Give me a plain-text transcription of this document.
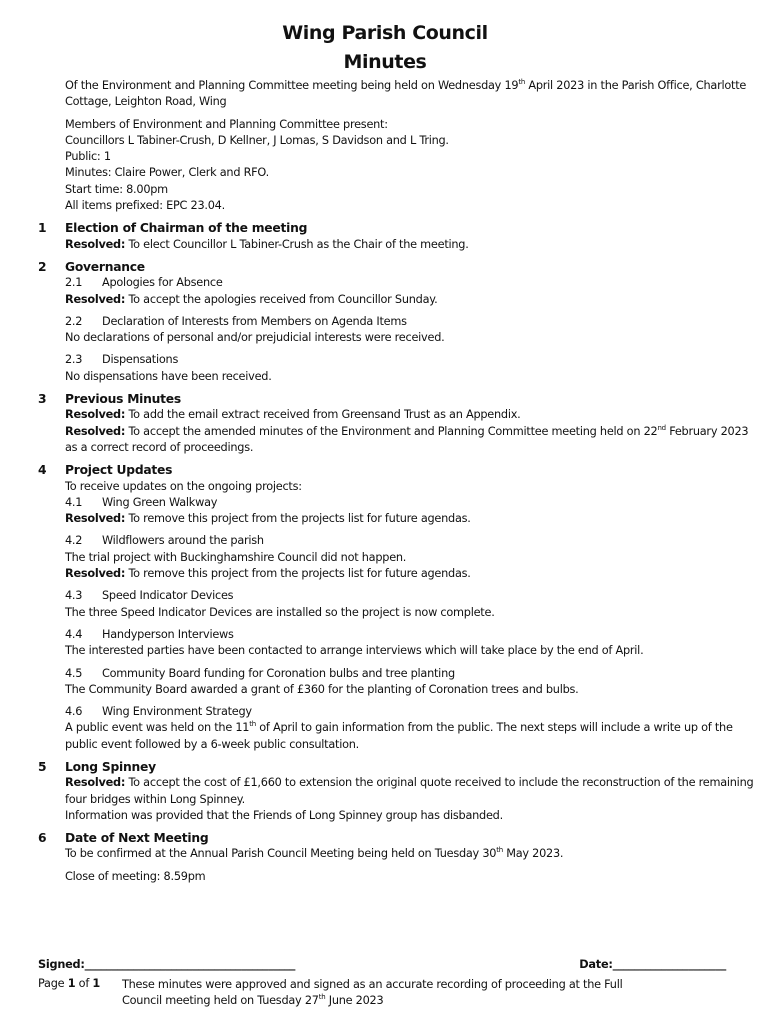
Wing Parish Council
Minutes
Of the Environment and Planning Committee meeting being held on Wednesday 19th April 2023 in the Parish Office, Charlotte Cottage, Leighton Road, Wing
Members of Environment and Planning Committee present:
Councillors L Tabiner-Crush, D Kellner, J Lomas, S Davidson and L Tring.
Public: 1
Minutes: Claire Power, Clerk and RFO.
Start time: 8.00pm
All items prefixed: EPC 23.04.
1	Election of Chairman of the meeting
Resolved: To elect Councillor L Tabiner-Crush as the Chair of the meeting.
2	Governance
2.1	Apologies for Absence
Resolved: To accept the apologies received from Councillor Sunday.
2.2	Declaration of Interests from Members on Agenda Items
No declarations of personal and/or prejudicial interests were received.
2.3	Dispensations
No dispensations have been received.
3	Previous Minutes
Resolved: To add the email extract received from Greensand Trust as an Appendix.
Resolved: To accept the amended minutes of the Environment and Planning Committee meeting held on 22nd February 2023 as a correct record of proceedings.
4	Project Updates
To receive updates on the ongoing projects:
4.1	Wing Green Walkway
Resolved: To remove this project from the projects list for future agendas.
4.2	Wildflowers around the parish
The trial project with Buckinghamshire Council did not happen.
Resolved: To remove this project from the projects list for future agendas.
4.3	Speed Indicator Devices
The three Speed Indicator Devices are installed so the project is now complete.
4.4	Handyperson Interviews
The interested parties have been contacted to arrange interviews which will take place by the end of April.
4.5	Community Board funding for Coronation bulbs and tree planting
The Community Board awarded a grant of £360 for the planting of Coronation trees and bulbs.
4.6	Wing Environment Strategy
A public event was held on the 11th of April to gain information from the public. The next steps will include a write up of the public event followed by a 6-week public consultation.
5	Long Spinney
Resolved: To accept the cost of £1,660 to extension the original quote received to include the reconstruction of the remaining four bridges within Long Spinney.
Information was provided that the Friends of Long Spinney group has disbanded.
6	Date of Next Meeting
To be confirmed at the Annual Parish Council Meeting being held on Tuesday 30th May 2023.
Close of meeting: 8.59pm
Signed:_______________________________________	Date:_____________________
Page 1 of 1	These minutes were approved and signed as an accurate recording of proceeding at the Full Council meeting held on Tuesday 27th June 2023
